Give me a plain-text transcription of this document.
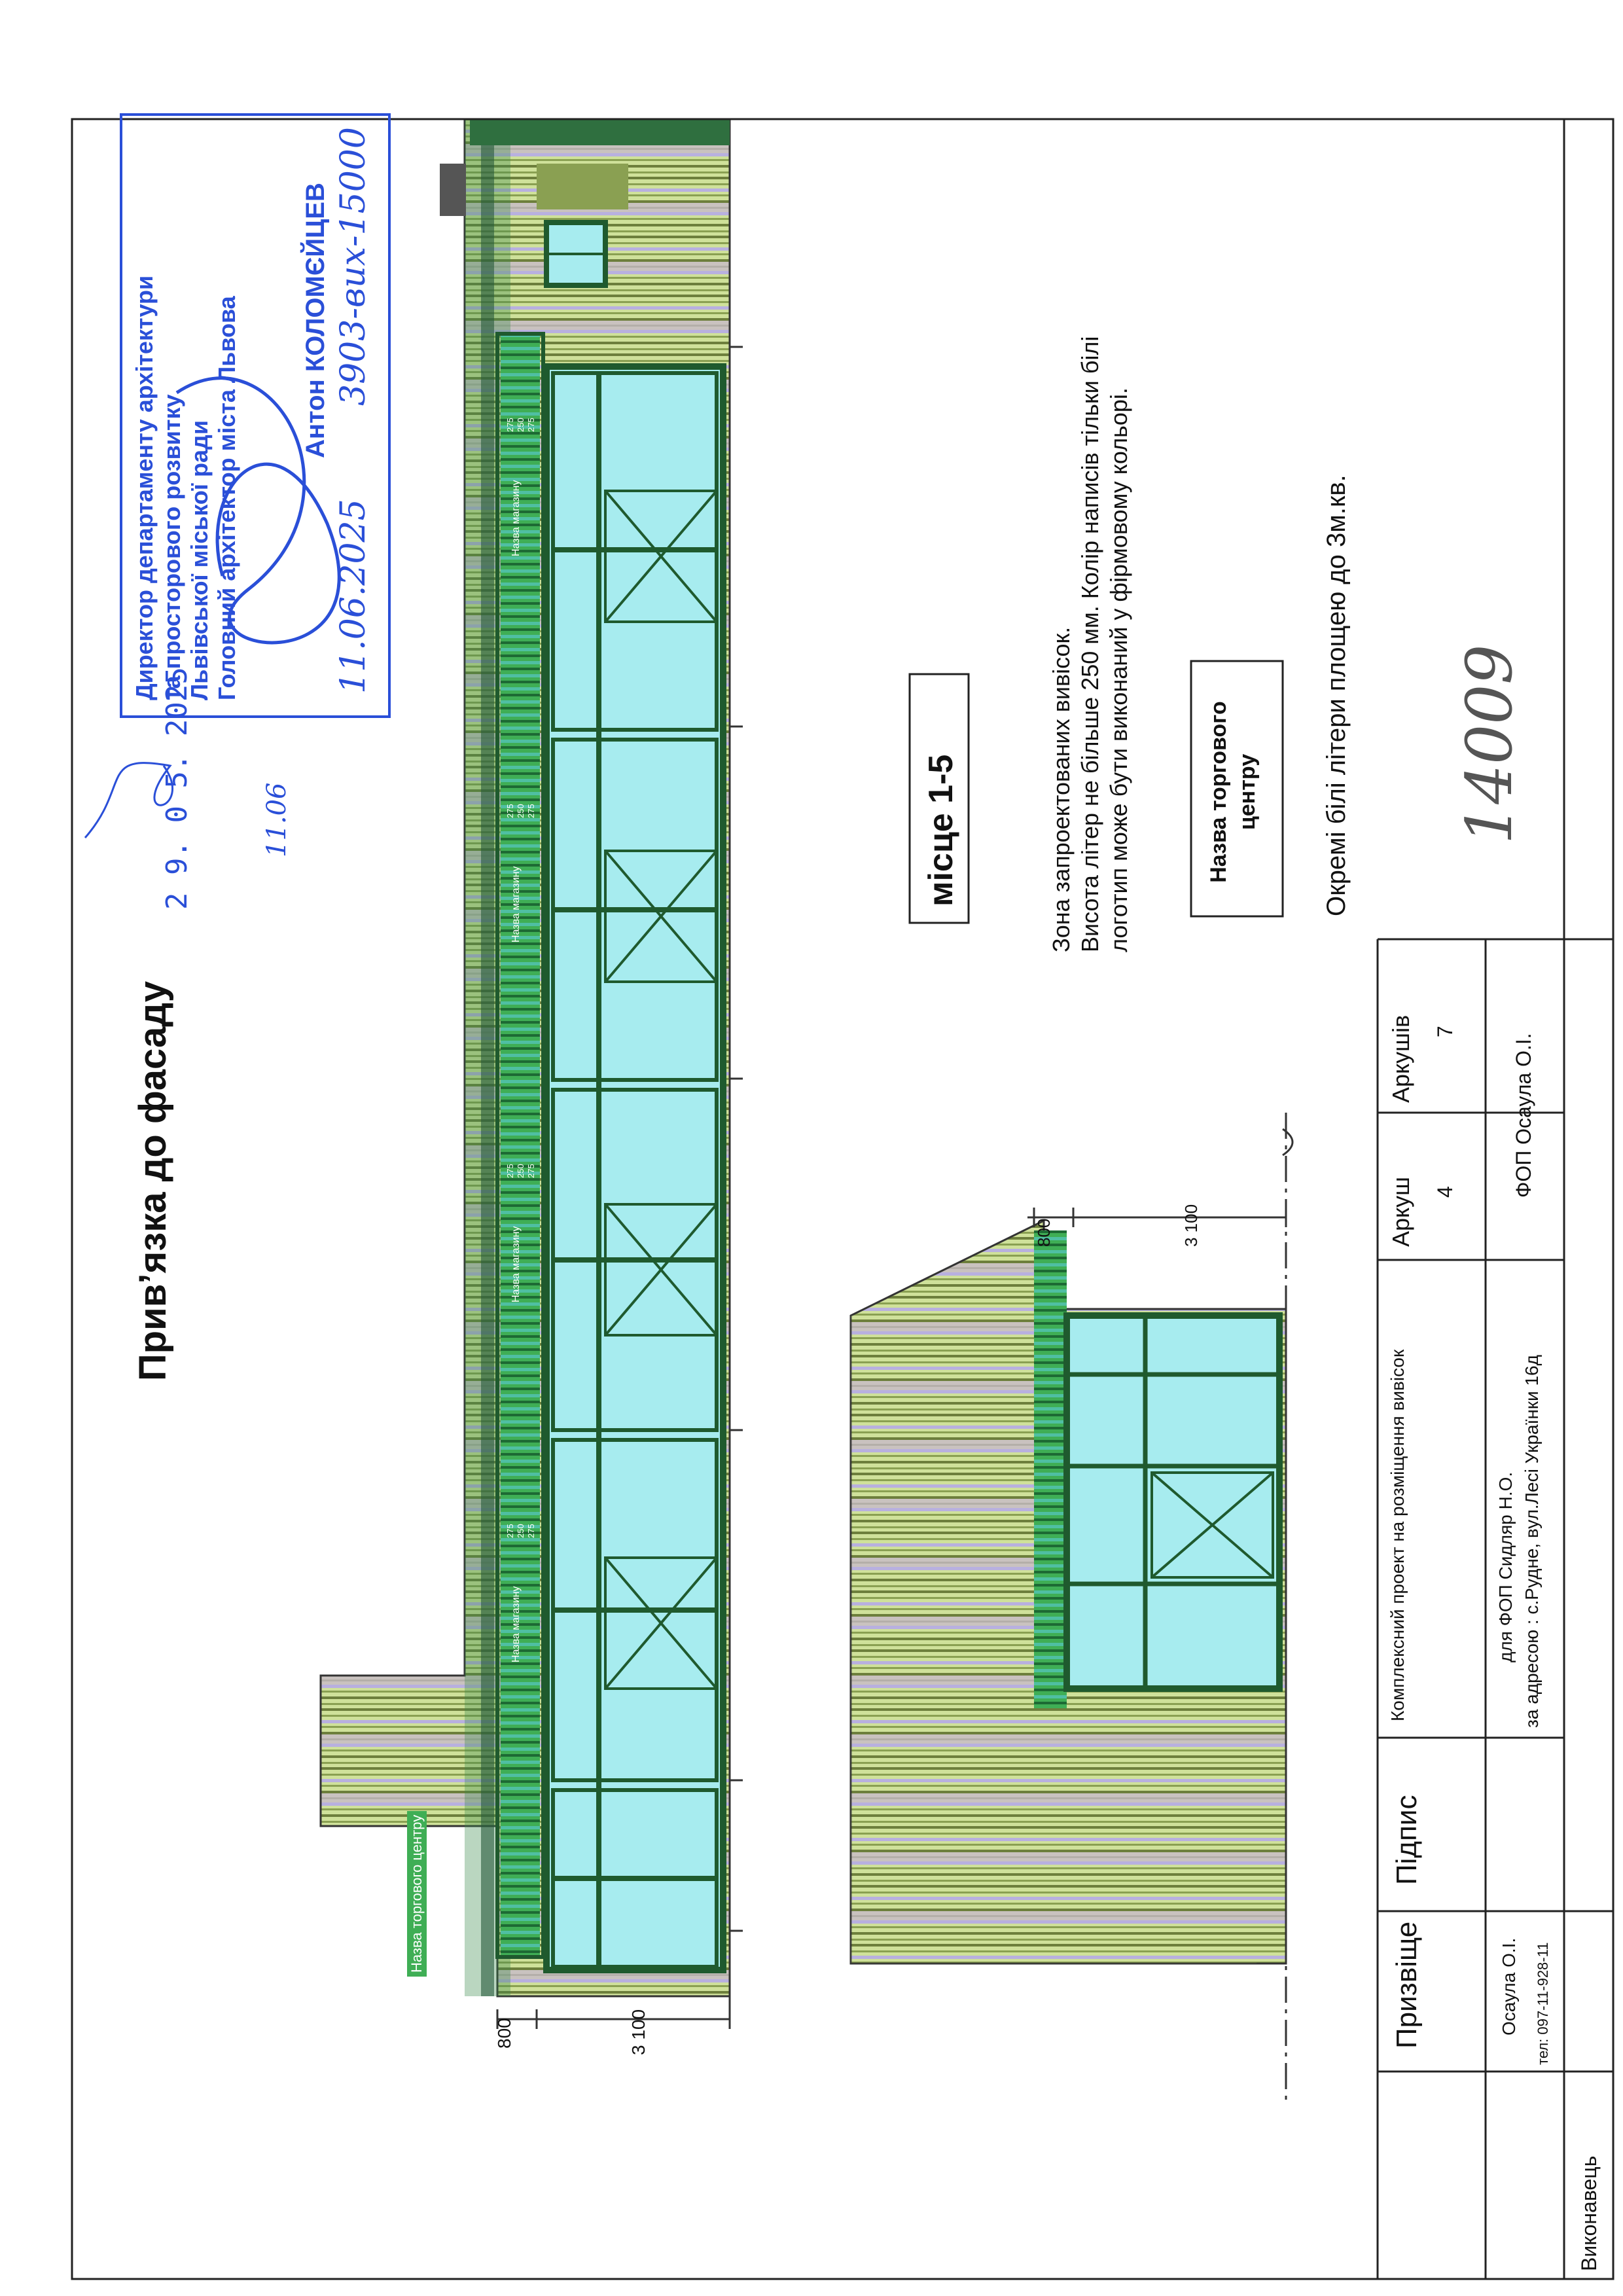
Прив’язка до фасаду
2 9. 0 5. 2025	11.06
Директор департаменту архітектури та просторового розвитку Львівської міської ради Головний архітектор міста Львова Антон КОЛОМЄЙЦЕВ
11.06.2025
3903-вих-15000
Назва торгового центру
800	3 100
800	3 100
місце 1-5	Зона запроектованих вивісок. Висота літер не більше 250 мм. Колір написів тільки білі логотип може бути виконаний у фірмовому кольорі.	Назва торгового центру Окремі білі літери площею до 3м.кв. 14009
Виконавець
Призвіще	Осаула О.І. тел: 097-11-928-11
Підпис
Комплексний проект на розміщення вивісок	для ФОП Сидляр Н.О. за адресою : с.Рудне, вул.Лесі Українки 16д
Аркуш 4
Аркушів 7
ФОП Осаула О.І.
Назва магазину
275 250 275
Назва магазину
275 250 275
Назва магазину
275 250 275
Назва магазину
275 250 275
